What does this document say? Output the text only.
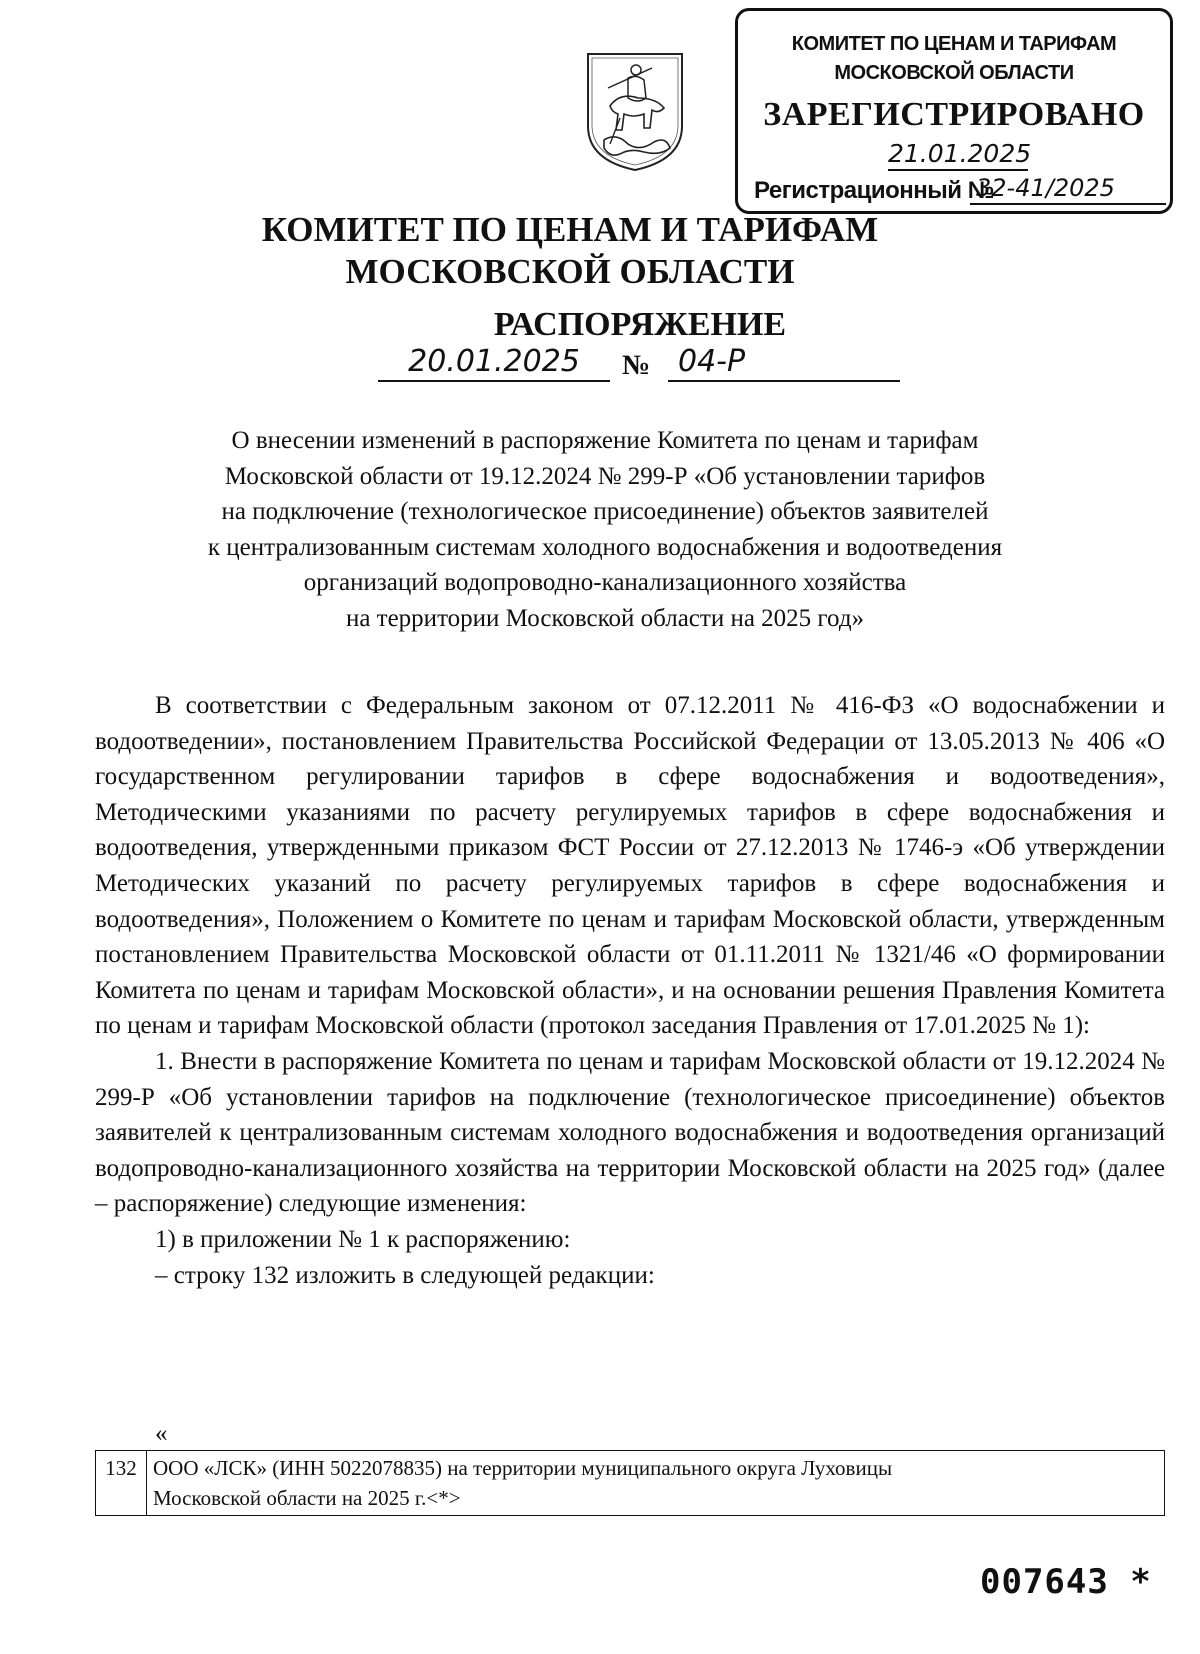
КОМИТЕТ ПО ЦЕНАМ И ТАРИФАМ
МОСКОВСКОЙ ОБЛАСТИ
ЗАРЕГИСТРИРОВАНО
21.01.2025
Регистрационный №
32-41/2025
КОМИТЕТ ПО ЦЕНАМ И ТАРИФАМ
МОСКОВСКОЙ ОБЛАСТИ
РАСПОРЯЖЕНИЕ
20.01.2025	№ 04-Р
О внесении изменений в распоряжение Комитета по ценам и тарифам
Московской области от 19.12.2024 № 299-Р «Об установлении тарифов
на подключение (технологическое присоединение) объектов заявителей
к централизованным системам холодного водоснабжения и водоотведения
организаций водопроводно-канализационного хозяйства
на территории Московской области на 2025 год»

В соответствии с Федеральным законом от 07.12.2011 № 416-ФЗ «О водоснабжении и водоотведении», постановлением Правительства Российской Федерации от 13.05.2013 № 406 «О государственном регулировании тарифов в сфере водоснабжения и водоотведения», Методическими указаниями по расчету регулируемых тарифов в сфере водоснабжения и водоотведения, утвержденными приказом ФСТ России от 27.12.2013 № 1746-э «Об утверждении Методических указаний по расчету регулируемых тарифов в сфере водоснабжения и водоотведения», Положением о Комитете по ценам и тарифам Московской области, утвержденным постановлением Правительства Московской области от 01.11.2011 № 1321/46 «О формировании Комитета по ценам и тарифам Московской области», и на основании решения Правления Комитета по ценам и тарифам Московской области (протокол заседания Правления от 17.01.2025 № 1):

1. Внести в распоряжение Комитета по ценам и тарифам Московской области от 19.12.2024 № 299-Р «Об установлении тарифов на подключение (технологическое присоединение) объектов заявителей к централизованным системам холодного водоснабжения и водоотведения организаций водопроводно-канализационного хозяйства на территории Московской области на 2025 год» (далее – распоряжение) следующие изменения:

1) в приложении № 1 к распоряжению:

– строку 132 изложить в следующей редакции:

«
132	ООО «ЛСК» (ИНН 5022078835) на территории муниципального округа Луховицы
Московской области на 2025 г.<*>
007643 *
